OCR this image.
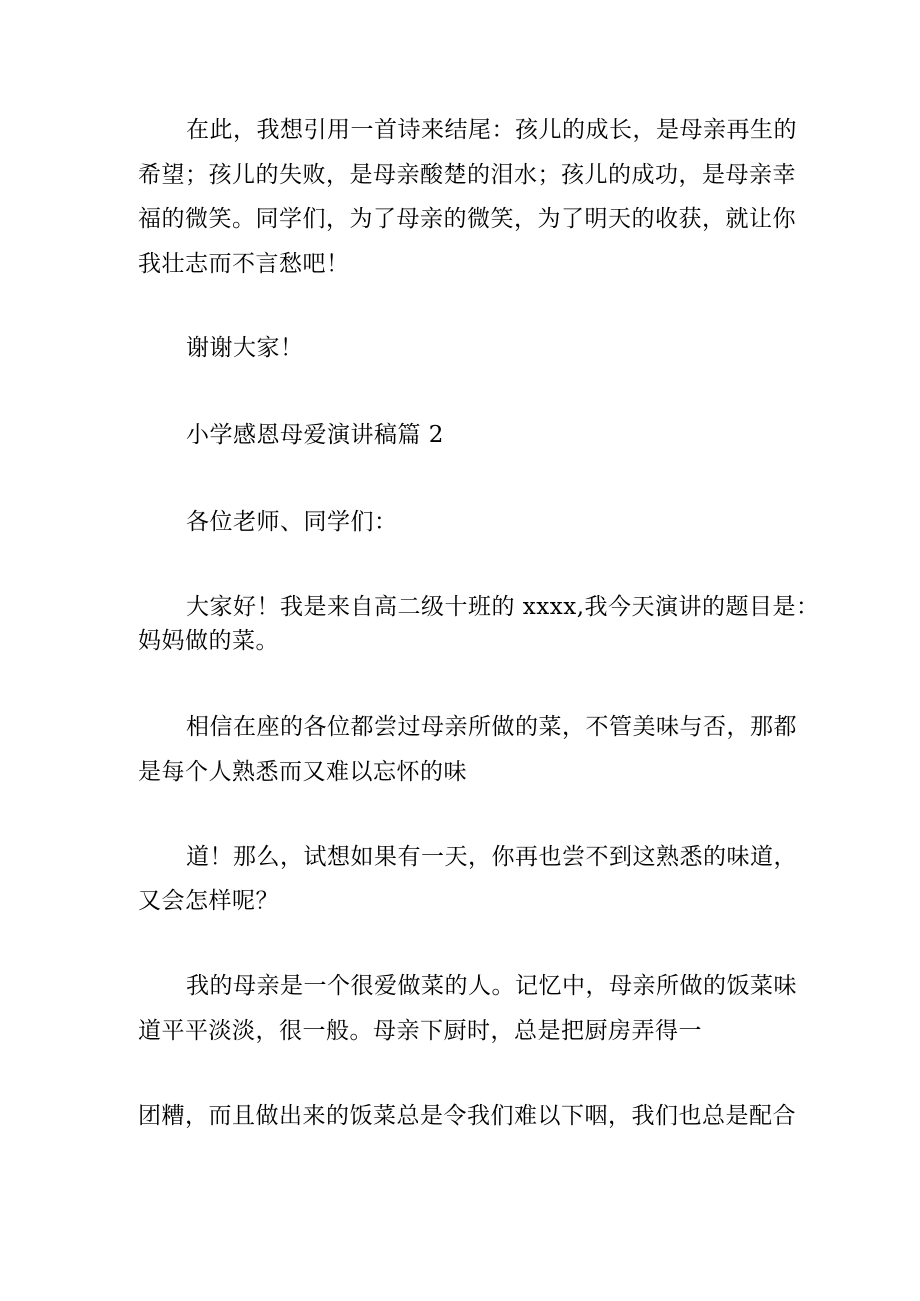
在此，我想引用一首诗来结尾：孩儿的成长，是母亲再生的
希望；孩儿的失败，是母亲酸楚的泪水；孩儿的成功，是母亲幸
福的微笑。同学们，为了母亲的微笑，为了明天的收获，就让你
我壮志而不言愁吧！
谢谢大家！
小学感恩母爱演讲稿篇 2
各位老师、同学们：
大家好！我是来自高二级十班的 xxxx,我今天演讲的题目是：
妈妈做的菜。
相信在座的各位都尝过母亲所做的菜，不管美味与否，那都
是每个人熟悉而又难以忘怀的味
道！那么，试想如果有一天，你再也尝不到这熟悉的味道，
又会怎样呢？
我的母亲是一个很爱做菜的人。记忆中，母亲所做的饭菜味
道平平淡淡，很一般。母亲下厨时，总是把厨房弄得一
团糟，而且做出来的饭菜总是令我们难以下咽，我们也总是配合
